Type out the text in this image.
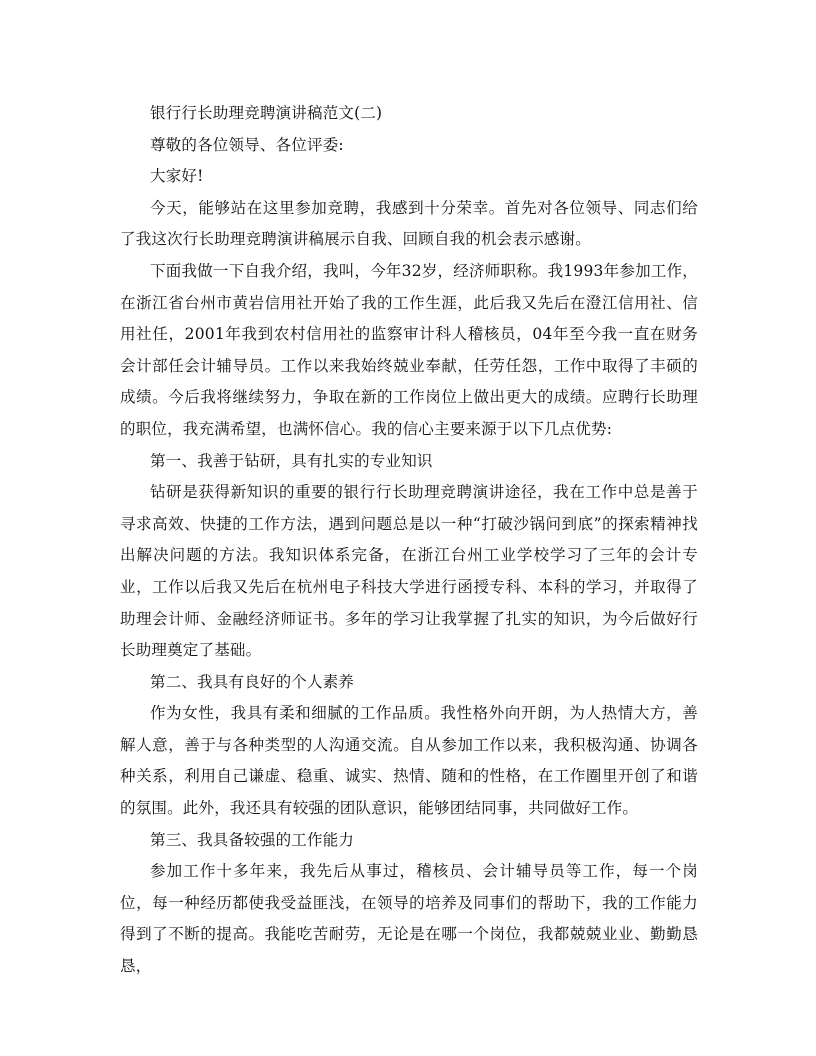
银行行长助理竞聘演讲稿范文(二)

尊敬的各位领导、各位评委:

大家好!

今天，能够站在这里参加竞聘，我感到十分荣幸。首先对各位领导、同志们给了我这次行长助理竞聘演讲稿展示自我、回顾自我的机会表示感谢。

下面我做一下自我介绍，我叫，今年32岁，经济师职称。我1993年参加工作，在浙江省台州市黄岩信用社开始了我的工作生涯，此后我又先后在澄江信用社、信用社任，2001年我到农村信用社的监察审计科人稽核员，04年至今我一直在财务会计部任会计辅导员。工作以来我始终兢业奉献，任劳任怨，工作中取得了丰硕的成绩。今后我将继续努力，争取在新的工作岗位上做出更大的成绩。应聘行长助理的职位，我充满希望，也满怀信心。我的信心主要来源于以下几点优势:

第一、我善于钻研，具有扎实的专业知识

钻研是获得新知识的重要的银行行长助理竞聘演讲途径，我在工作中总是善于寻求高效、快捷的工作方法，遇到问题总是以一种“打破沙锅问到底”的探索精神找出解决问题的方法。我知识体系完备，在浙江台州工业学校学习了三年的会计专业，工作以后我又先后在杭州电子科技大学进行函授专科、本科的学习，并取得了助理会计师、金融经济师证书。多年的学习让我掌握了扎实的知识，为今后做好行长助理奠定了基础。

第二、我具有良好的个人素养

作为女性，我具有柔和细腻的工作品质。我性格外向开朗，为人热情大方，善解人意，善于与各种类型的人沟通交流。自从参加工作以来，我积极沟通、协调各种关系，利用自己谦虚、稳重、诚实、热情、随和的性格，在工作圈里开创了和谐的氛围。此外，我还具有较强的团队意识，能够团结同事，共同做好工作。

第三、我具备较强的工作能力

参加工作十多年来，我先后从事过，稽核员、会计辅导员等工作，每一个岗位，每一种经历都使我受益匪浅，在领导的培养及同事们的帮助下，我的工作能力得到了不断的提高。我能吃苦耐劳，无论是在哪一个岗位，我都兢兢业业、勤勤恳恳，
